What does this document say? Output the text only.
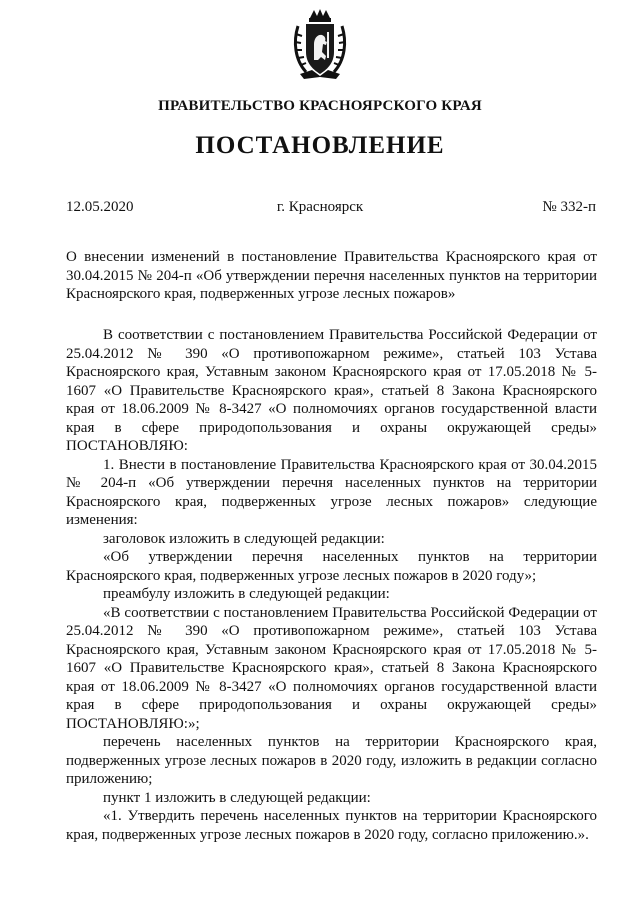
ПРАВИТЕЛЬСТВО КРАСНОЯРСКОГО КРАЯ
ПОСТАНОВЛЕНИЕ
12.05.2020	г. Красноярск	№ 332-п
О внесении изменений в постановление Правительства Красноярского края от 30.04.2015 № 204-п «Об утверждении перечня населенных пунктов на территории Красноярского края, подверженных угрозе лесных пожаров»

В соответствии с постановлением Правительства Российской Федерации от 25.04.2012 № 390 «О противопожарном режиме», статьей 103 Устава Красноярского края, Уставным законом Красноярского края от 17.05.2018 № 5-1607 «О Правительстве Красноярского края», статьей 8 Закона Красноярского края от 18.06.2009 № 8-3427 «О полномочиях органов государственной власти края в сфере природопользования и охраны окружающей среды» ПОСТАНОВЛЯЮ:

1. Внести в постановление Правительства Красноярского края от 30.04.2015 № 204-п «Об утверждении перечня населенных пунктов на территории Красноярского края, подверженных угрозе лесных пожаров» следующие изменения:

заголовок изложить в следующей редакции:

«Об утверждении перечня населенных пунктов на территории Красноярского края, подверженных угрозе лесных пожаров в 2020 году»;

преамбулу изложить в следующей редакции:

«В соответствии с постановлением Правительства Российской Федерации от 25.04.2012 № 390 «О противопожарном режиме», статьей 103 Устава Красноярского края, Уставным законом Красноярского края от 17.05.2018 № 5-1607 «О Правительстве Красноярского края», статьей 8 Закона Красноярского края от 18.06.2009 № 8-3427 «О полномочиях органов государственной власти края в сфере природопользования и охраны окружающей среды» ПОСТАНОВЛЯЮ:»;

перечень населенных пунктов на территории Красноярского края, подверженных угрозе лесных пожаров в 2020 году, изложить в редакции согласно приложению;

пункт 1 изложить в следующей редакции:

«1. Утвердить перечень населенных пунктов на территории Красноярского края, подверженных угрозе лесных пожаров в 2020 году, согласно приложению.».
